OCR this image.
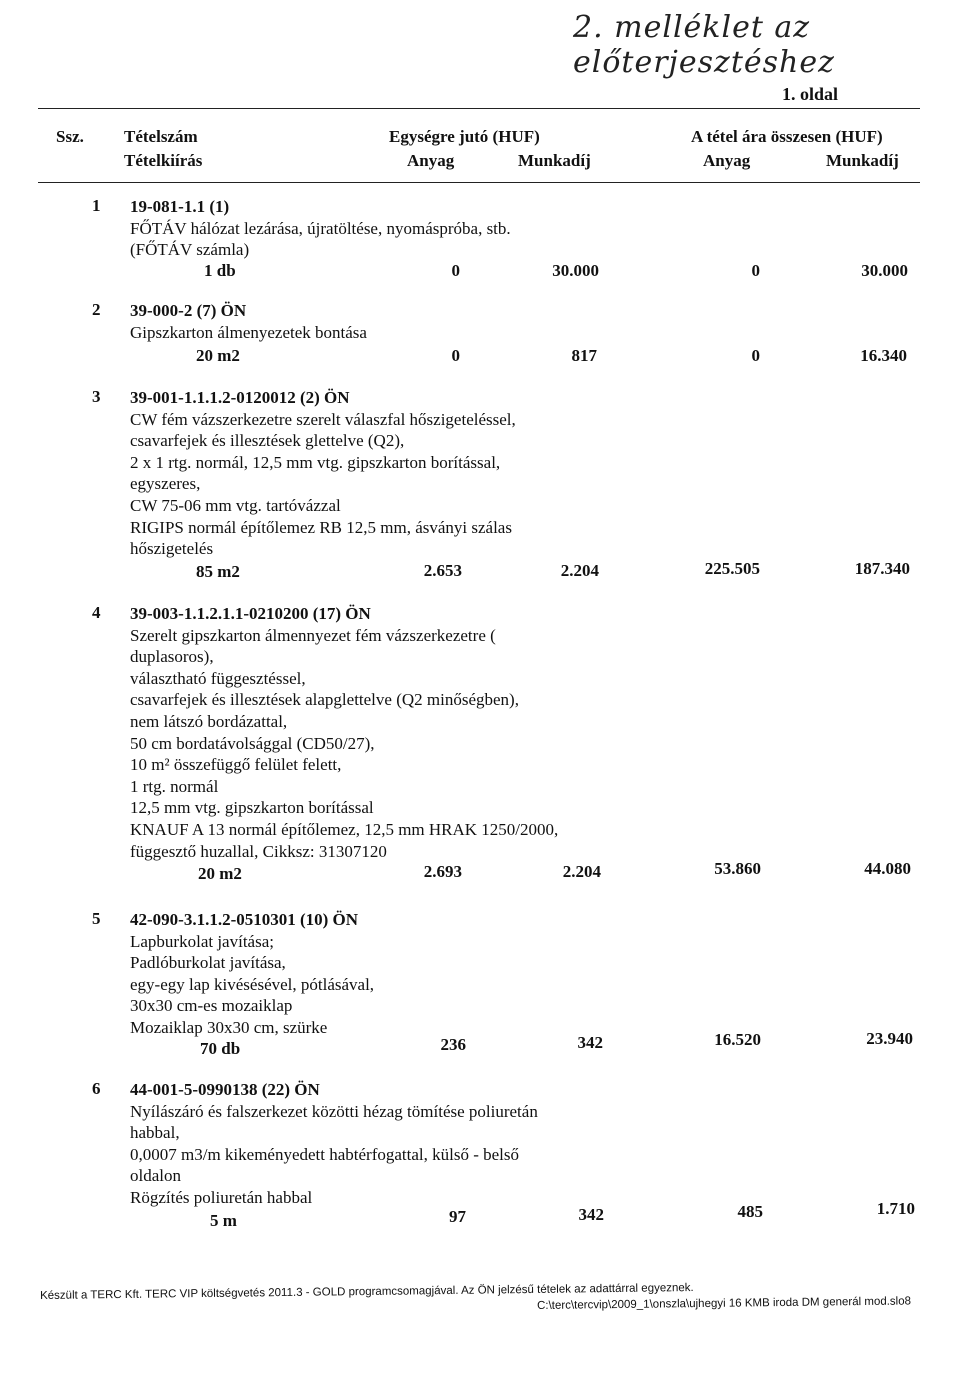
2. melléklet az előterjesztéshez
1. oldal
Ssz. Tételszám
Tételkiírás
Egységre jutó (HUF)
Anyag	Munkadíj
A tétel ára összesen (HUF)
Anyag	Munkadíj
1 19-081-1.1 (1)
FŐTÁV hálózat lezárása, újratöltése, nyomáspróba, stb.
(FŐTÁV számla)
1 db	0	30.000	0	30.000
2 39-000-2 (7) ÖN
Gipszkarton álmenyezetek bontása
20 m2	0	817	0	16.340
3 39-001-1.1.1.2-0120012 (2) ÖN
CW fém vázszerkezetre szerelt válaszfal hőszigeteléssel,
csavarfejek és illesztések glettelve (Q2),
2 x 1 rtg. normál, 12,5 mm vtg. gipszkarton borítással,
egyszeres,
CW 75-06 mm vtg. tartóvázzal
RIGIPS normál építőlemez RB 12,5 mm, ásványi szálas
hőszigetelés
85 m2	2.653	2.204	225.505	187.340
4 39-003-1.1.2.1.1-0210200 (17) ÖN
Szerelt gipszkarton álmennyezet fém vázszerkezetre (
duplasoros),
választható függesztéssel,
csavarfejek és illesztések alapglettelve (Q2 minőségben),
nem látszó bordázattal,
50 cm bordatávolsággal (CD50/27),
10 m² összefüggő felület felett,
1 rtg. normál
12,5 mm vtg. gipszkarton borítással
KNAUF A 13 normál építőlemez, 12,5 mm HRAK 1250/2000,
függesztő huzallal, Cikksz: 31307120
20 m2	2.693	2.204	53.860	44.080
5 42-090-3.1.1.2-0510301 (10) ÖN
Lapburkolat javítása;
Padlóburkolat javítása,
egy-egy lap kivésésével, pótlásával,
30x30 cm-es mozaiklap
Mozaiklap 30x30 cm, szürke
70 db	236	342	16.520	23.940
6 44-001-5-0990138 (22) ÖN
Nyílászáró és falszerkezet közötti hézag tömítése poliuretán
habbal,
0,0007 m3/m kikeményedett habtérfogattal, külső - belső
oldalon
Rögzítés poliuretán habbal
5 m	97	342	485	1.710
Készült a TERC Kft. TERC VIP költségvetés 2011.3 - GOLD programcsomagjával. Az ÖN jelzésű tételek az adattárral egyeznek.
C:\terc\tercvip\2009_1\onszla\ujhegyi 16 KMB iroda DM generál mod.slo8
